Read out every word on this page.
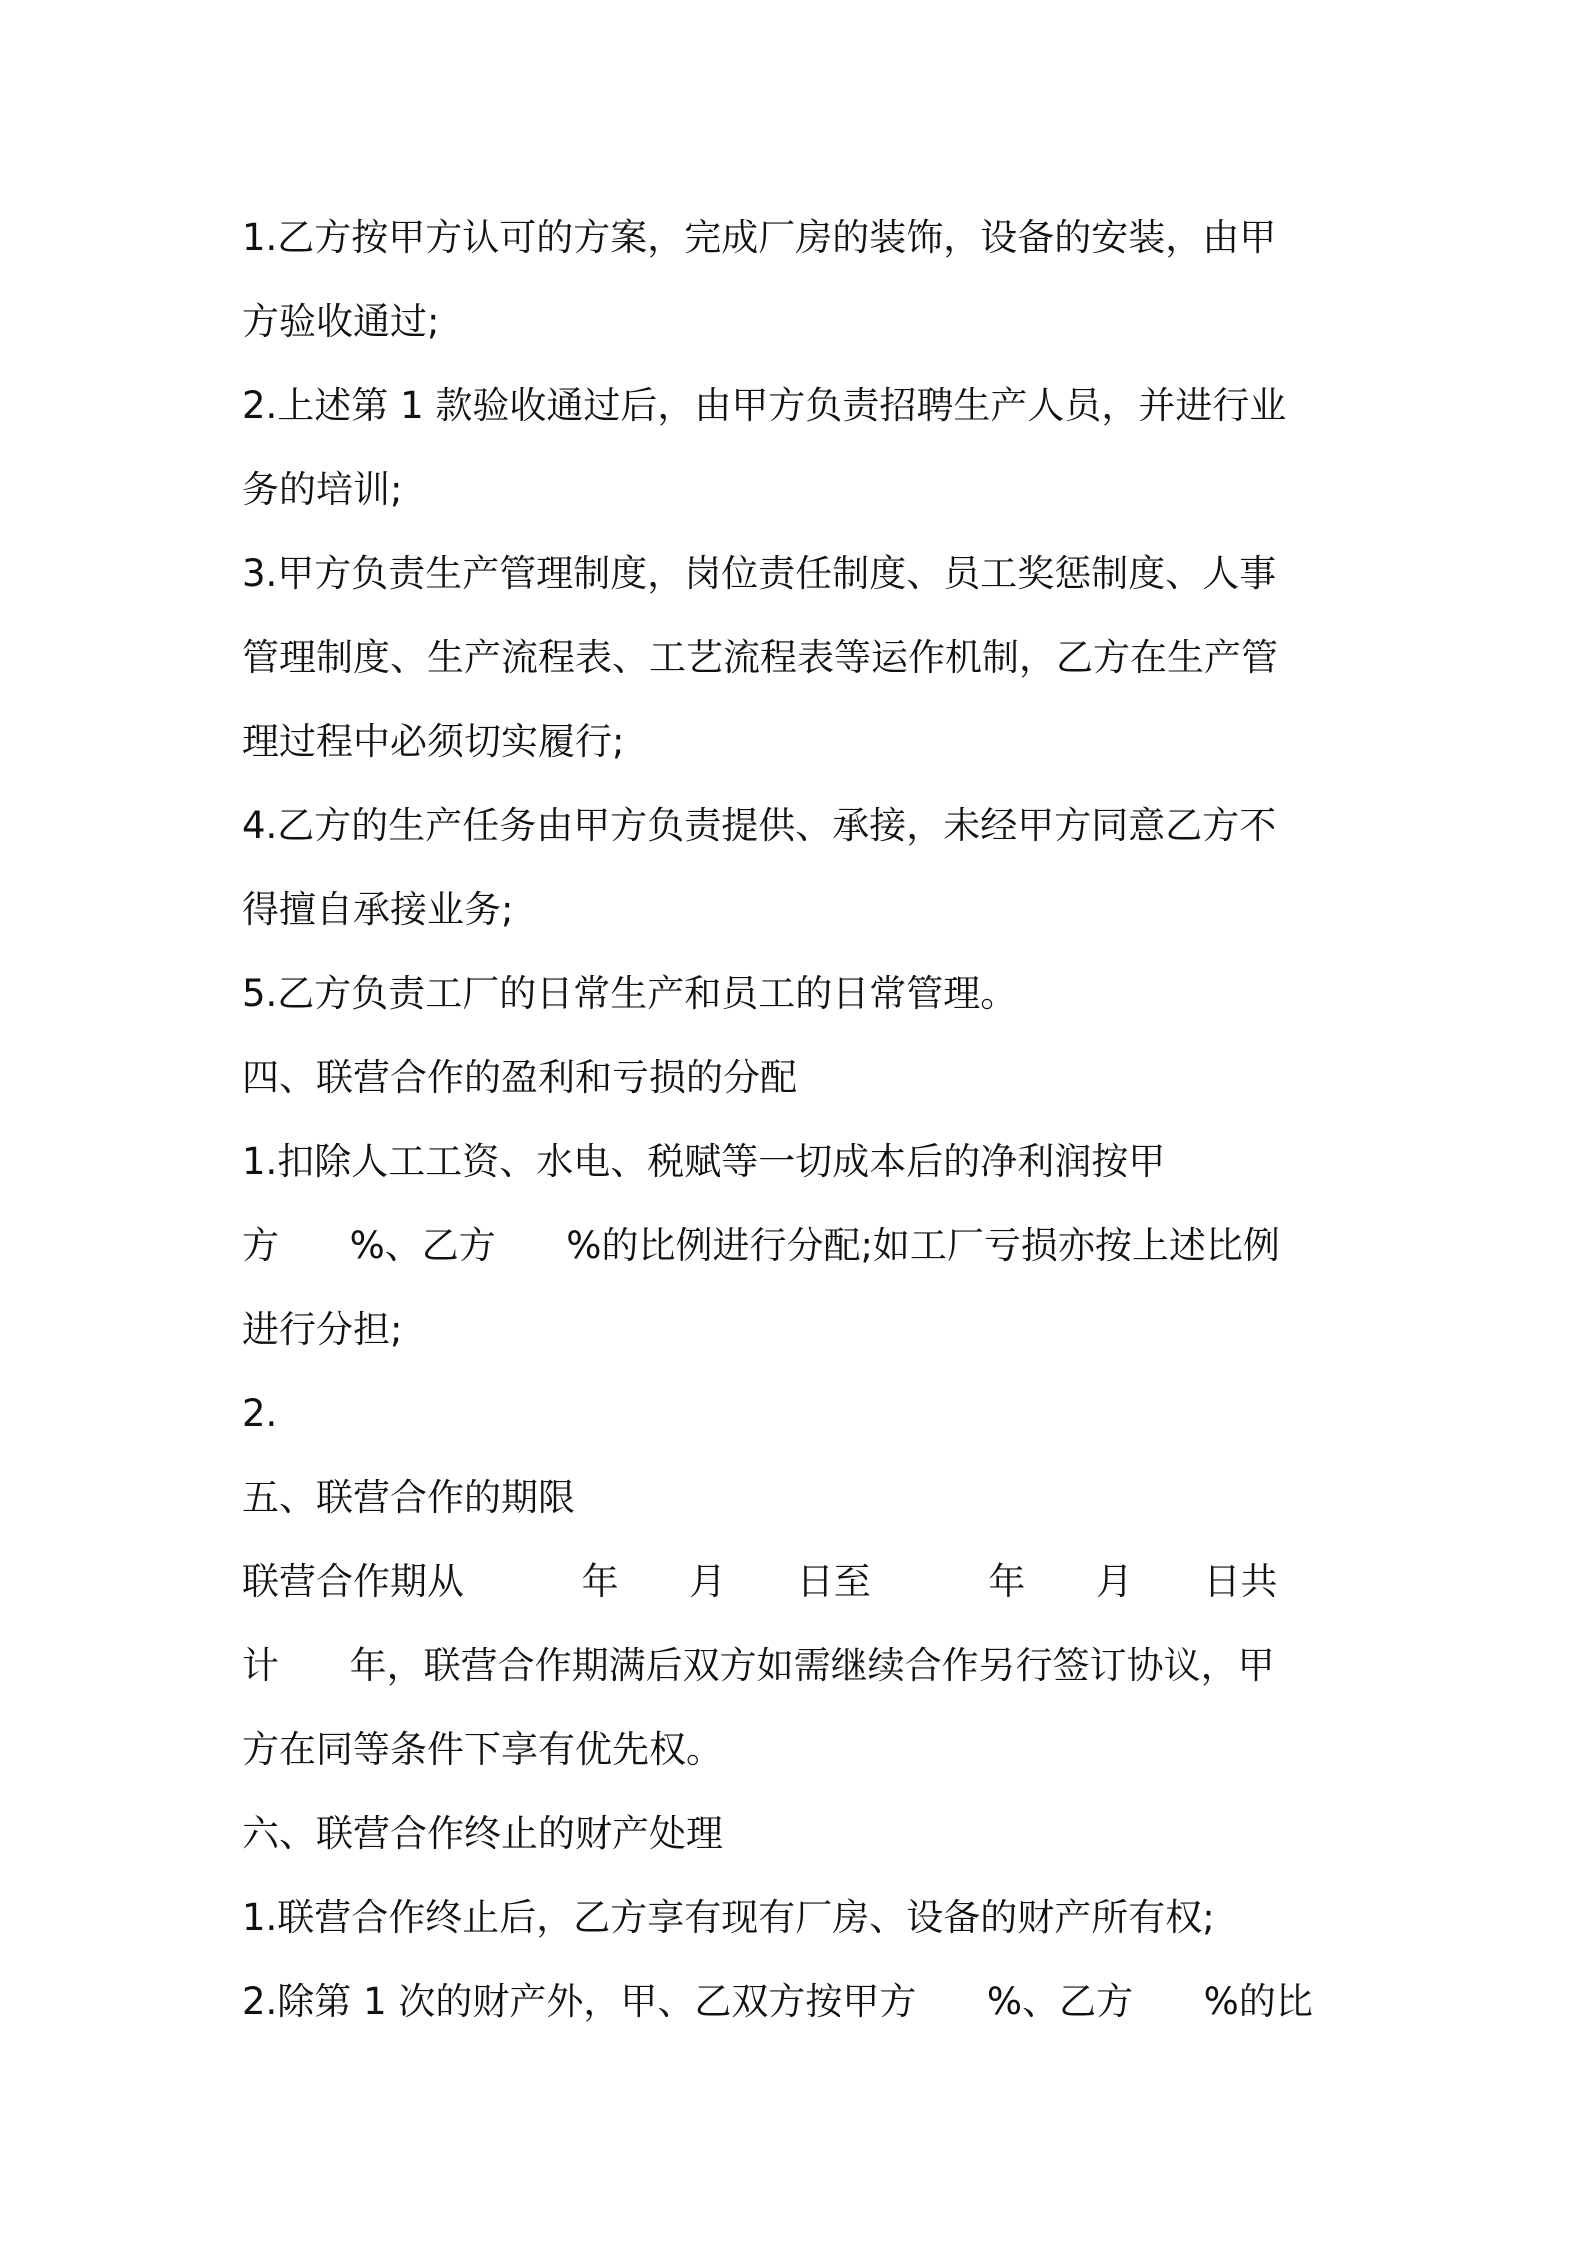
1.乙方按甲方认可的方案，完成厂房的装饰，设备的安装，由甲
方验收通过;
2.上述第 1 款验收通过后，由甲方负责招聘生产人员，并进行业
务的培训;
3.甲方负责生产管理制度，岗位责任制度、员工奖惩制度、人事
管理制度、生产流程表、工艺流程表等运作机制，乙方在生产管
理过程中必须切实履行;
4.乙方的生产任务由甲方负责提供、承接，未经甲方同意乙方不
得擅自承接业务;
5.乙方负责工厂的日常生产和员工的日常管理。
四、联营合作的盈利和亏损的分配
1.扣除人工工资、水电、税赋等一切成本后的净利润按甲
方      %、乙方      %的比例进行分配;如工厂亏损亦按上述比例
进行分担;
2.
五、联营合作的期限
联营合作期从          年      月      日至          年      月      日共
计      年，联营合作期满后双方如需继续合作另行签订协议，甲
方在同等条件下享有优先权。
六、联营合作终止的财产处理
1.联营合作终止后，乙方享有现有厂房、设备的财产所有权;
2.除第 1 次的财产外，甲、乙双方按甲方      %、乙方      %的比
